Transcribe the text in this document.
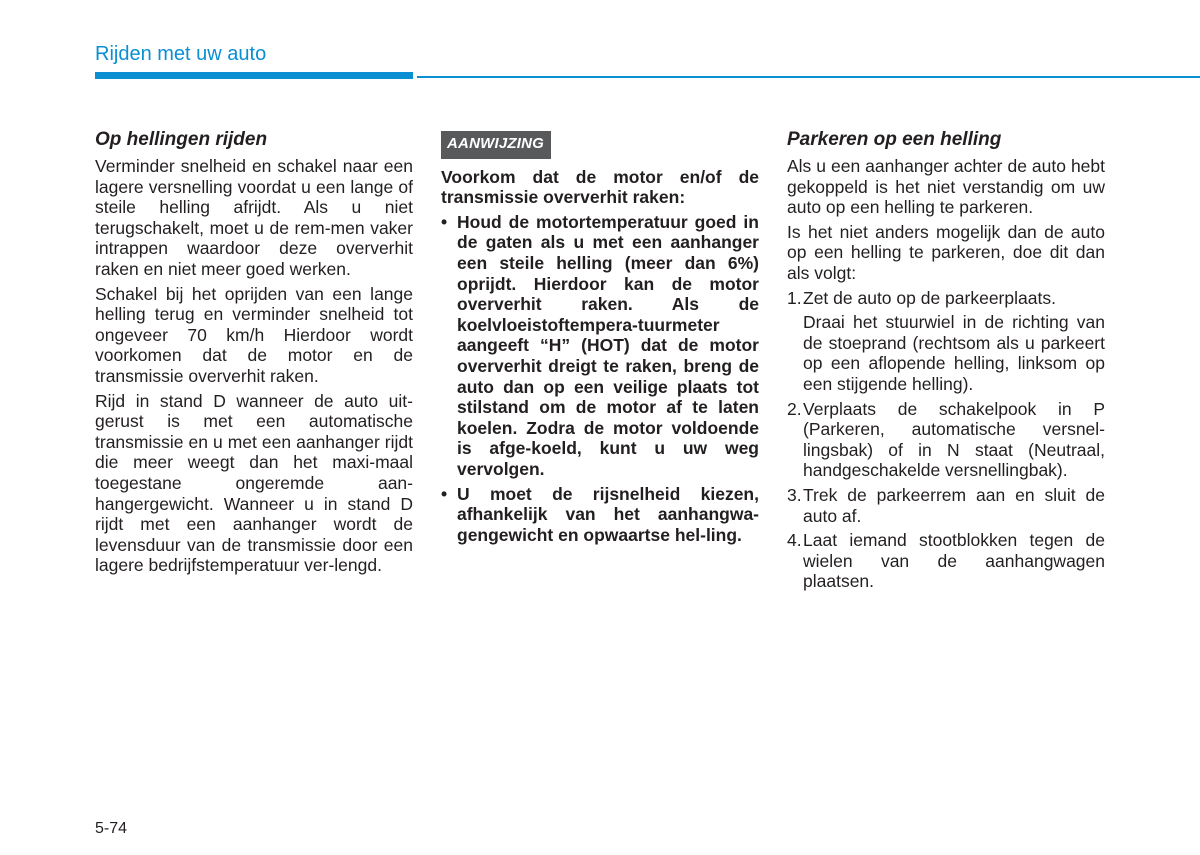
Rijden met uw auto
Op hellingen rijden

Verminder snelheid en schakel naar een lagere versnelling voordat u een lange of steile helling afrijdt. Als u niet terugschakelt, moet u de rem-men vaker intrappen waardoor deze oververhit raken en niet meer goed werken.

Schakel bij het oprijden van een lange helling terug en verminder snelheid tot ongeveer 70 km/h Hierdoor wordt voorkomen dat de motor en de transmissie oververhit raken.

Rijd in stand D wanneer de auto uit-gerust is met een automatische transmissie en u met een aanhanger rijdt die meer weegt dan het maxi-maal toegestane ongeremde aan-hangergewicht. Wanneer u in stand D rijdt met een aanhanger wordt de levensduur van de transmissie door een lagere bedrijfstemperatuur ver-lengd.

AANWIJZING

Voorkom dat de motor en/of de transmissie oververhit raken:

• Houd de motortemperatuur goed in de gaten als u met een aanhanger een steile helling (meer dan 6%) oprijdt. Hierdoor kan de motor oververhit raken. Als de koelvloeistoftempera-tuurmeter aangeeft “H” (HOT) dat de motor oververhit dreigt te raken, breng de auto dan op een veilige plaats tot stilstand om de motor af te laten koelen. Zodra de motor voldoende is afge-koeld, kunt u uw weg vervolgen.
• U moet de rijsnelheid kiezen, afhankelijk van het aanhangwa-gengewicht en opwaartse hel-ling.
Parkeren op een helling

Als u een aanhanger achter de auto hebt gekoppeld is het niet verstandig om uw auto op een helling te parkeren.

Is het niet anders mogelijk dan de auto op een helling te parkeren, doe dit dan als volgt:

1. Zet de auto op de parkeerplaats.
Draai het stuurwiel in de richting van de stoeprand (rechtsom als u parkeert op een aflopende helling, linksom op een stijgende helling).
2. Verplaats de schakelpook in P (Parkeren, automatische versnel-lingsbak) of in N staat (Neutraal, handgeschakelde versnellingbak).
3. Trek de parkeerrem aan en sluit de auto af.
4. Laat iemand stootblokken tegen de wielen van de aanhangwagen plaatsen.
5-74
